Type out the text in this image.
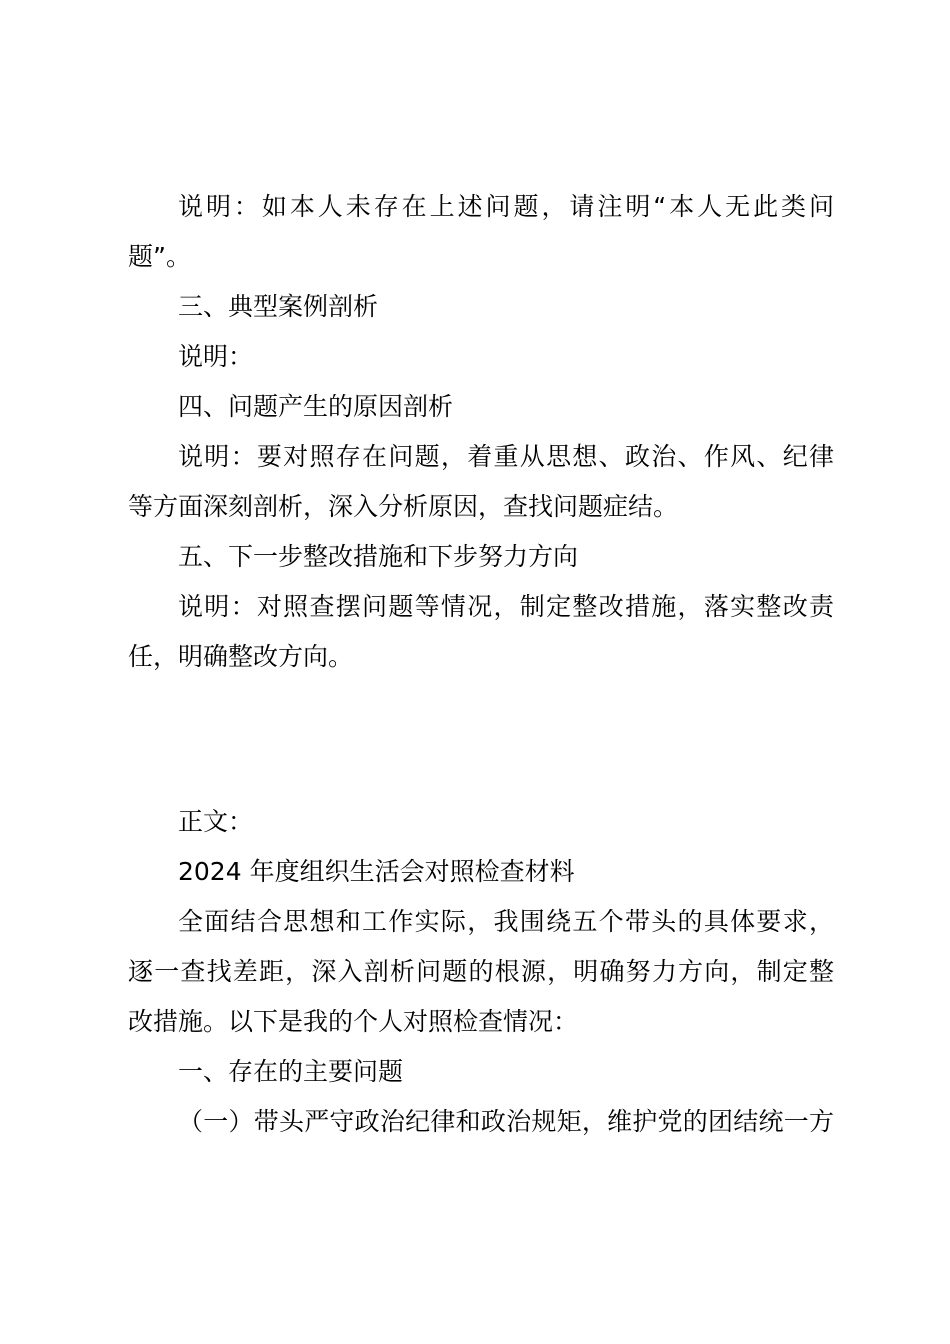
说明：如本人未存在上述问题，请注明“本人无此类问
题”。
三、典型案例剖析
说明：
四、问题产生的原因剖析
说明：要对照存在问题，着重从思想、政治、作风、纪律
等方面深刻剖析，深入分析原因，查找问题症结。
五、下一步整改措施和下步努力方向
说明：对照查摆问题等情况，制定整改措施，落实整改责
任，明确整改方向。
正文：
2024 年度组织生活会对照检查材料
全面结合思想和工作实际，我围绕五个带头的具体要求，
逐一查找差距，深入剖析问题的根源，明确努力方向，制定整
改措施。以下是我的个人对照检查情况：
一、存在的主要问题
（一）带头严守政治纪律和政治规矩，维护党的团结统一方
